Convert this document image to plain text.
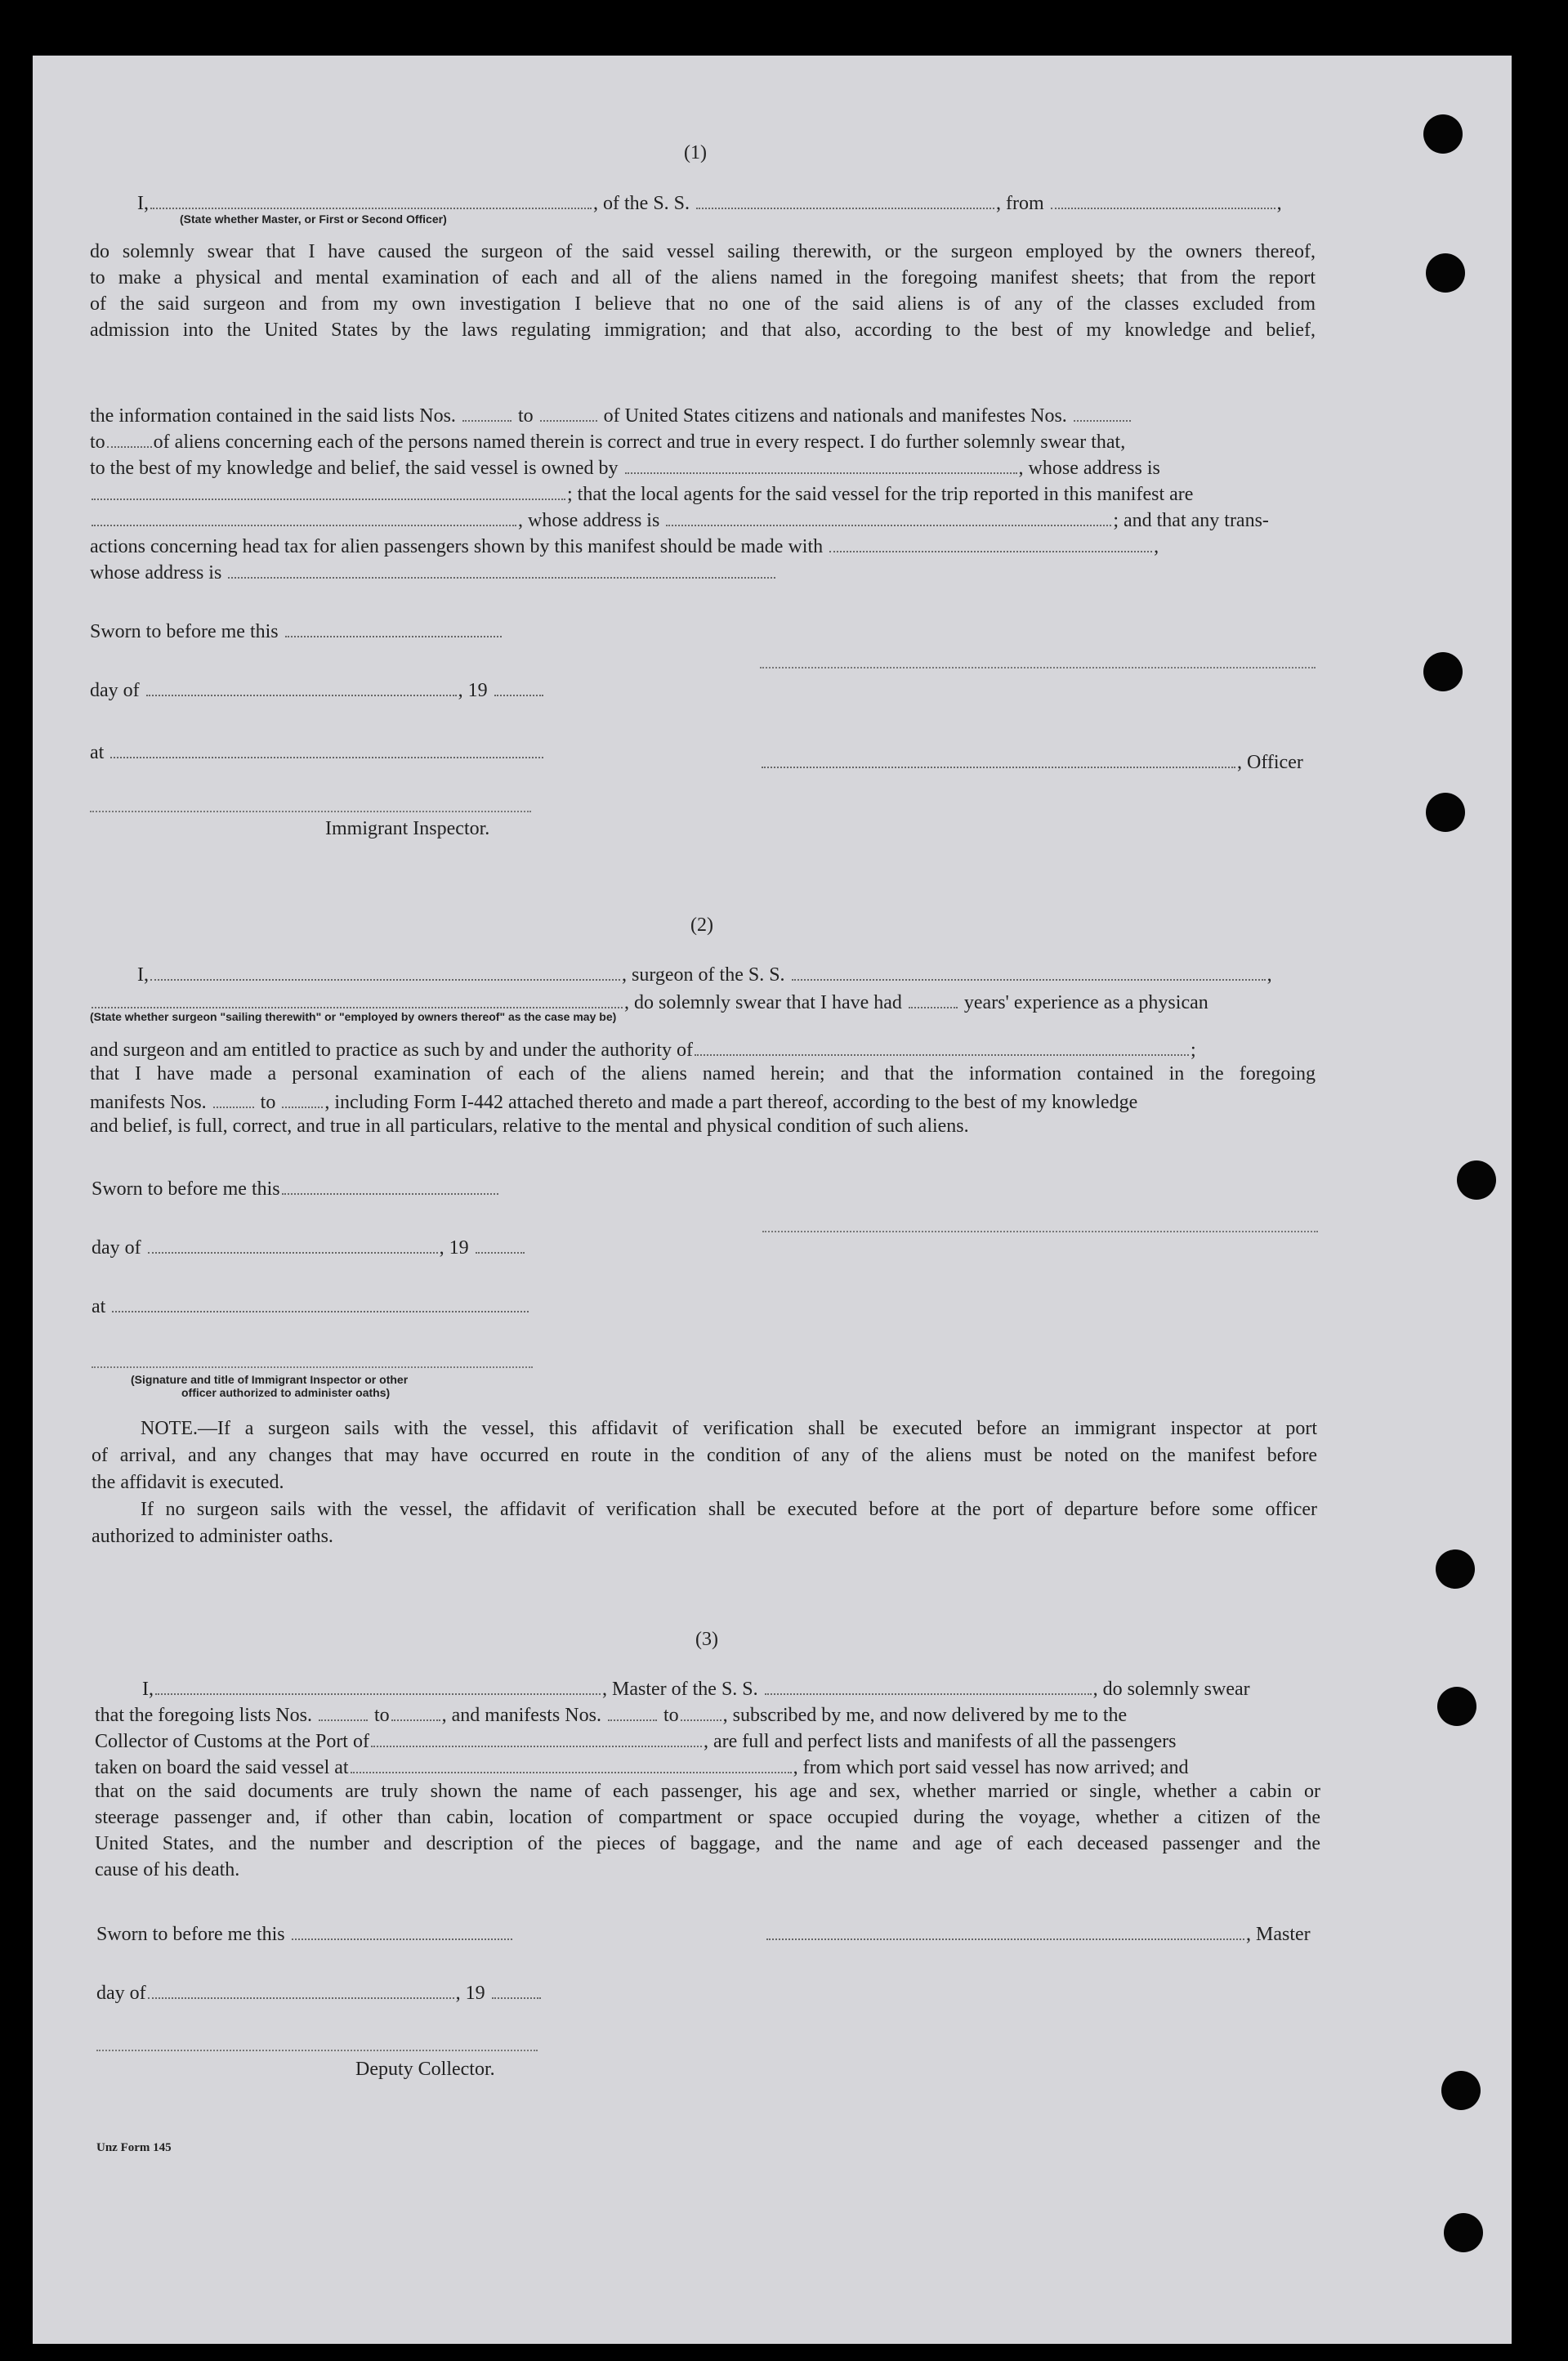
(1)
I,	, of the S. S.	, from	,
(State whether Master, or First or Second Officer)
do solemnly swear that I have caused the surgeon of the said vessel sailing therewith, or the surgeon employed by the owners thereof,
to make a physical and mental examination of each and all of the aliens named in the foregoing manifest sheets; that from the report
of the said surgeon and from my own investigation I believe that no one of the said aliens is of any of the classes excluded from
admission into the United States by the laws regulating immigration; and that also, according to the best of my knowledge and belief,
the information contained in the said lists Nos.	to	of United States citizens and nationals and manifestes Nos.
to of aliens concerning each of the persons named therein is correct and true in every respect. I do further solemnly swear that,
to the best of my knowledge and belief, the said vessel is owned by	, whose address is
; that the local agents for the said vessel for the trip reported in this manifest are
, whose address is	; and that any trans-
actions concerning head tax for alien passengers shown by this manifest should be made with	,
whose address is
Sworn to before me this
day of	, 19
at	, Officer
Immigrant Inspector.
(2)
I,	, surgeon of the S. S.	,
, do solemnly swear that I have had	years' experience as a physican
(State whether surgeon "sailing therewith" or "employed by owners thereof" as the case may be)
and surgeon and am entitled to practice as such by and under the authority of	;
that I have made a personal examination of each of the aliens named herein; and that the information contained in the foregoing
manifests Nos.	to	, including Form I-442 attached thereto and made a part thereof, according to the best of my knowledge
and belief, is full, correct, and true in all particulars, relative to the mental and physical condition of such aliens.
Sworn to before me this
day of	, 19
at
(Signature and title of Immigrant Inspector or other
officer authorized to administer oaths)
NOTE.—If a surgeon sails with the vessel, this affidavit of verification shall be executed before an immigrant inspector at port
of arrival, and any changes that may have occurred en route in the condition of any of the aliens must be noted on the manifest before
the affidavit is executed.
If no surgeon sails with the vessel, the affidavit of verification shall be executed before at the port of departure before some officer
authorized to administer oaths.
(3)
I,	, Master of the S. S.	, do solemnly swear
that the foregoing lists Nos.	to	, and manifests Nos.	to , subscribed by me, and now delivered by me to the
Collector of Customs at the Port of	, are full and perfect lists and manifests of all the passengers
taken on board the said vessel at	, from which port said vessel has now arrived; and
that on the said documents are truly shown the name of each passenger, his age and sex, whether married or single, whether a cabin or
steerage passenger and, if other than cabin, location of compartment or space occupied during the voyage, whether a citizen of the
United States, and the number and description of the pieces of baggage, and the name and age of each deceased passenger and the
cause of his death.
Sworn to before me this	, Master
day of	, 19
Deputy Collector.
Unz Form 145
